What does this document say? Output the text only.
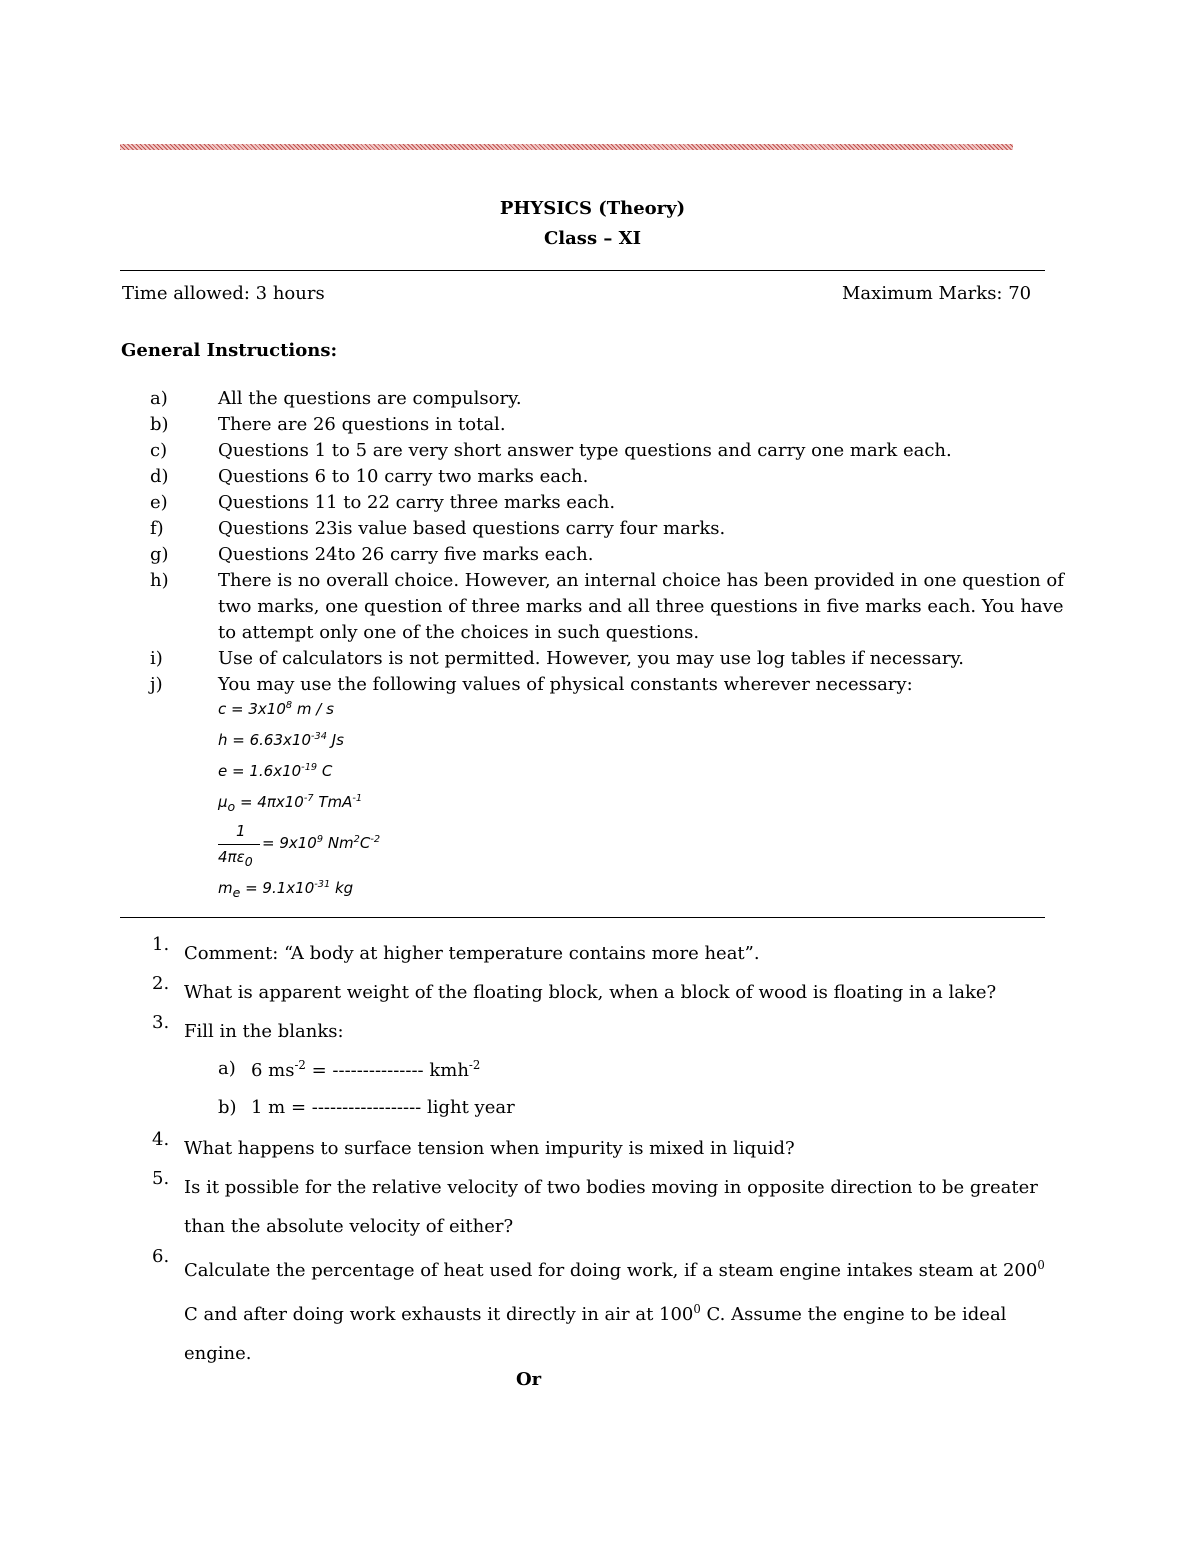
PHYSICS (Theory)
Class – XI
Time allowed: 3 hours	Maximum Marks: 70
General Instructions:
a)	All the questions are compulsory.
b)	There are 26 questions in total.
c)	Questions 1 to 5 are very short answer type questions and carry one mark each.
d)	Questions 6 to 10 carry two marks each.
e)	Questions 11 to 22 carry three marks each.
f)	Questions 23is value based questions carry four marks.
g)	Questions 24to 26 carry five marks each.
h)	There is no overall choice. However, an internal choice has been provided in one question of two marks, one question of three marks and all three questions in five marks each. You have to attempt only one of the choices in such questions.
i)	Use of calculators is not permitted. However, you may use log tables if necessary.
j)	You may use the following values of physical constants wherever necessary:
$c = 3x10^8$ m / s
$h = 6.63x10^{-34}$ Js
$e = 1.6x10^{-19}$ C
$\mu_o = 4\pi x10^{-7}$ TmA$^{-1}$
1
$4\pi\varepsilon_0$
= $9x10^9$ $Nm^2C^{-2}$
$m_e = 9.1x10^{-31}$ kg
1. Comment: “A body at higher temperature contains more heat”.
2. What is apparent weight of the floating block, when a block of wood is floating in a lake?
3. Fill in the blanks:
a) 6 $ms^{-2}$ = --------------- kmh$^{-2}$
b) 1 m = ------------------ light year
4. What happens to surface tension when impurity is mixed in liquid?
5. Is it possible for the relative velocity of two bodies moving in opposite direction to be greater than the absolute velocity of either?
6.
Calculate the percentage of heat used for doing work, if a steam engine intakes steam at $200^0$ C and after doing work exhausts it directly in air at $100^0$ C. Assume the engine to be ideal engine.
Or
